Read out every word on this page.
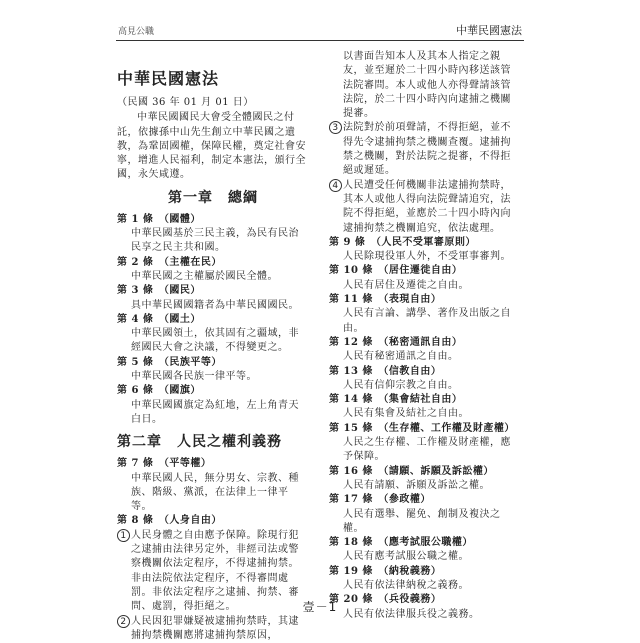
高見公職	中華民國憲法
中華民國憲法
（民國 36 年 01 月 01 日）
中華民國國民大會受全體國民之付託，依據孫中山先生創立中華民國之遺教，為鞏固國權，保障民權，奠定社會安寧，增進人民福利，制定本憲法，頒行全國，永矢咸遵。
第一章　總綱
第 1 條　（國體）
中華民國基於三民主義，為民有民治民享之民主共和國。
第 2 條　（主權在民）
中華民國之主權屬於國民全體。
第 3 條　（國民）
具中華民國國籍者為中華民國國民。
第 4 條　（國土）
中華民國領土，依其固有之疆域，非經國民大會之決議，不得變更之。
第 5 條　（民族平等）
中華民國各民族一律平等。
第 6 條　（國旗）
中華民國國旗定為紅地，左上角青天白日。
第二章　人民之權利義務
第 7 條　（平等權）
中華民國人民，無分男女、宗教、種族、階級、黨派，在法律上一律平等。
第 8 條　（人身自由）
1 人民身體之自由應予保障。除現行犯之逮捕由法律另定外，非經司法或警察機關依法定程序，不得逮捕拘禁。非由法院依法定程序，不得審問處罰。非依法定程序之逮捕、拘禁、審問、處罰，得拒絕之。
2 人民因犯罪嫌疑被逮捕拘禁時，其逮捕拘禁機關應將逮捕拘禁原因，
以書面告知本人及其本人指定之親友，並至遲於二十四小時內移送該管法院審問。本人或他人亦得聲請該管法院，於二十四小時內向逮捕之機關提審。
3 法院對於前項聲請，不得拒絕，並不得先令逮捕拘禁之機關查覆。逮捕拘禁之機關，對於法院之提審，不得拒絕或遲延。
4 人民遭受任何機關非法逮捕拘禁時，其本人或他人得向法院聲請追究，法院不得拒絕，並應於二十四小時內向逮捕拘禁之機關追究，依法處理。
第 9 條　（人民不受軍審原則）
人民除現役軍人外，不受軍事審判。
第 10 條　（居住遷徙自由）
人民有居住及遷徙之自由。
第 11 條　（表現自由）
人民有言論、講學、著作及出版之自由。
第 12 條　（秘密通訊自由）
人民有秘密通訊之自由。
第 13 條　（信教自由）
人民有信仰宗教之自由。
第 14 條　（集會結社自由）
人民有集會及結社之自由。
第 15 條　（生存權、工作權及財產權）
人民之生存權、工作權及財產權，應予保障。
第 16 條　（請願、訴願及訴訟權）
人民有請願、訴願及訴訟之權。
第 17 條　（參政權）
人民有選舉、罷免、創制及複決之權。
第 18 條　（應考試服公職權）
人民有應考試服公職之權。
第 19 條　（納稅義務）
人民有依法律納稅之義務。
第 20 條　（兵役義務）
人民有依法律服兵役之義務。
壹－1
